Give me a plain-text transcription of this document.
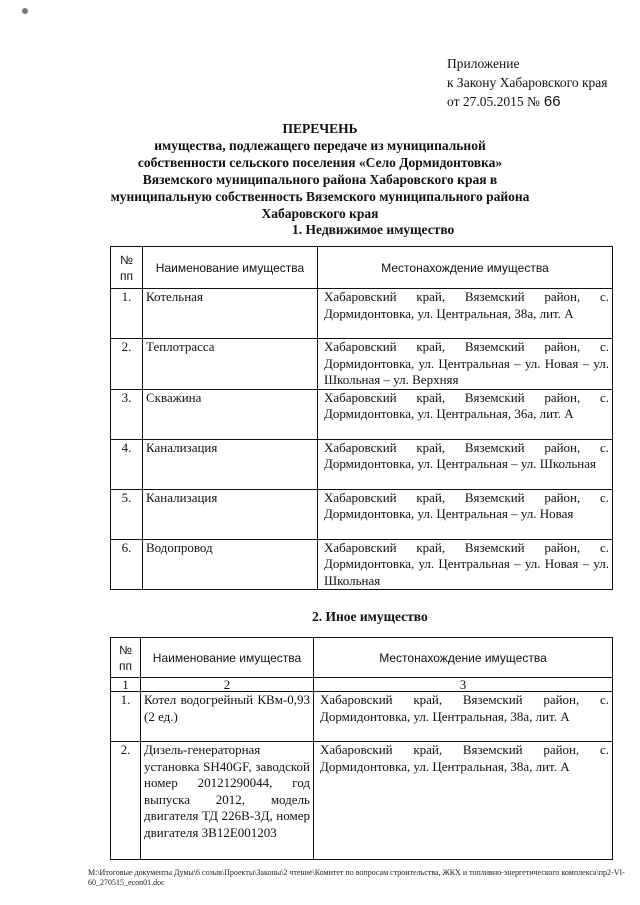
Приложение
к Закону Хабаровского края
от 27.05.2015 № 66
ПЕРЕЧЕНЬ
имущества, подлежащего передаче из муниципальной собственности сельского поселения «Село Дормидонтовка» Вяземского муниципального района Хабаровского края в муниципальную собственность Вяземского муниципального района Хабаровского края
1. Недвижимое имущество
№ пп	Наименование имущества	Местонахождение имущества
1.	Котельная	Хабаровский край, Вяземский район, с. Дормидонтовка, ул. Центральная, 38а, лит. А
2.	Теплотрасса	Хабаровский край, Вяземский район, с. Дормидонтовка, ул. Центральная – ул. Новая – ул. Школьная – ул. Верхняя
3.	Скважина	Хабаровский край, Вяземский район, с. Дормидонтовка, ул. Центральная, 36а, лит. А
4.	Канализация	Хабаровский край, Вяземский район, с. Дормидонтовка, ул. Центральная – ул. Школьная
5.	Канализация	Хабаровский край, Вяземский район, с. Дормидонтовка, ул. Центральная – ул. Новая
6.	Водопровод	Хабаровский край, Вяземский район, с. Дормидонтовка, ул. Центральная – ул. Новая – ул. Школьная
2. Иное имущество
№ пп	Наименование имущества	Местонахождение имущества
1	2	3
1.	Котел водогрейный КВм-0,93 (2 ед.)	Хабаровский край, Вяземский район, с. Дормидонтовка, ул. Центральная, 38а, лит. А
2.	Дизель-генераторная установка SH40GF, заводской номер 20121290044, год выпуска 2012, модель двигателя ТД 226В-3Д, номер двигателя 3В12Е001203	Хабаровский край, Вяземский район, с. Дормидонтовка, ул. Центральная, 38а, лит. А
M:\Итоговые документы Думы\6 созыв\Проекты\Законы\2 чтение\Комитет по вопросам строительства, ЖКХ и топливно-энергетического комплекса\пр2-VI-60_270515_econ01.doc
